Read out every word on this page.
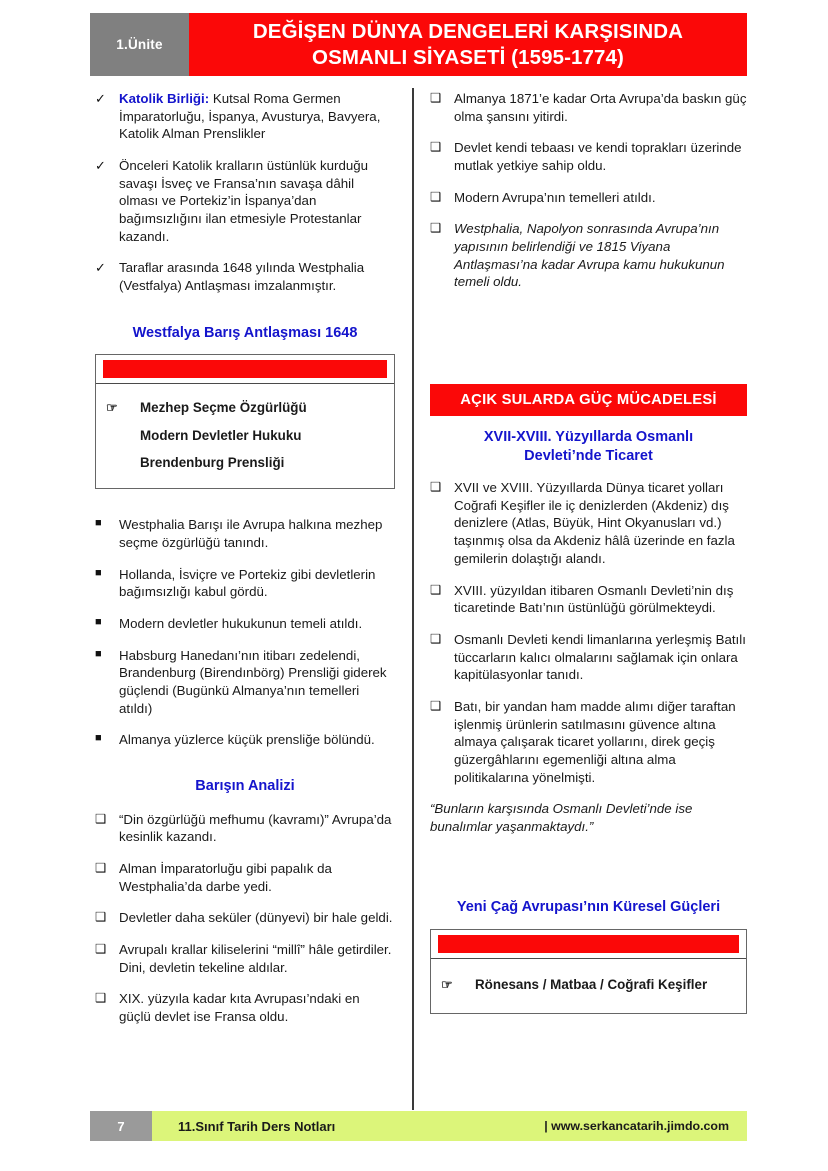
1.Ünite
DEĞİŞEN DÜNYA DENGELERİ KARŞISINDA
OSMANLI SİYASETİ (1595-1774)
✓ Katolik Birliği: Kutsal Roma Germen İmparatorluğu, İspanya, Avusturya, Bavyera, Katolik Alman Prenslikler
✓ Önceleri Katolik kralların üstünlük kurduğu savaşı İsveç ve Fransa’nın savaşa dâhil olması ve Portekiz’in İspanya’dan bağımsızlığını ilan etmesiyle Protestanlar kazandı.
✓ Taraflar arasında 1648 yılında Westphalia (Vestfalya) Antlaşması imzalanmıştır.
Westfalya Barış Antlaşması 1648
☞	Mezhep Seçme Özgürlüğü
Modern Devletler Hukuku
Brendenburg Prensliği
■	Westphalia Barışı ile Avrupa halkına mezhep seçme özgürlüğü tanındı.
■	Hollanda, İsviçre ve Portekiz gibi devletlerin bağımsızlığı kabul gördü.
■	Modern devletler hukukunun temeli atıldı.
■	Habsburg Hanedanı’nın itibarı zedelendi, Brandenburg (Birendınbörg) Prensliği giderek güçlendi (Bugünkü Almanya’nın temelleri atıldı)
■	Almanya yüzlerce küçük prensliğe bölündü.
Barışın Analizi
❑ “Din özgürlüğü mefhumu (kavramı)” Avrupa’da kesinlik kazandı.
❑ Alman İmparatorluğu gibi papalık da Westphalia’da darbe yedi.
❑ Devletler daha seküler (dünyevi) bir hale geldi.
❑ Avrupalı krallar kiliselerini “millî” hâle getirdiler. Dini, devletin tekeline aldılar.
❑ XIX. yüzyıla kadar kıta Avrupası’ndaki en güçlü devlet ise Fransa oldu.
❑ Almanya 1871’e kadar Orta Avrupa’da baskın güç olma şansını yitirdi.
❑ Devlet kendi tebaası ve kendi toprakları üzerinde mutlak yetkiye sahip oldu.
❑ Modern Avrupa’nın temelleri atıldı.
❑ Westphalia, Napolyon sonrasında Avrupa’nın yapısının belirlendiği ve 1815 Viyana Antlaşması’na kadar Avrupa kamu hukukunun temeli oldu.
AÇIK SULARDA GÜÇ MÜCADELESİ
XVII-XVIII. Yüzyıllarda Osmanlı
Devleti’nde Ticaret
❑ XVII ve XVIII. Yüzyıllarda Dünya ticaret yolları Coğrafi Keşifler ile iç denizlerden (Akdeniz) dış denizlere (Atlas, Büyük, Hint Okyanusları vd.) taşınmış olsa da Akdeniz hâlâ üzerinde en fazla gemilerin dolaştığı alandı.
❑ XVIII. yüzyıldan itibaren Osmanlı Devleti’nin dış ticaretinde Batı’nın üstünlüğü görülmekteydi.
❑ Osmanlı Devleti kendi limanlarına yerleşmiş Batılı tüccarların kalıcı olmalarını sağlamak için onlara kapitülasyonlar tanıdı.
❑ Batı, bir yandan ham madde alımı diğer taraftan işlenmiş ürünlerin satılmasını güvence altına almaya çalışarak ticaret yollarını, direk geçiş güzergâhlarını egemenliği altına alma politikalarına yönelmişti.
“Bunların karşısında Osmanlı Devleti’nde ise bunalımlar yaşanmaktaydı.”
Yeni Çağ Avrupası’nın Küresel Güçleri
☞	Rönesans / Matbaa / Coğrafi Keşifler
7	11.Sınıf Tarih Ders Notları	| www.serkancatarih.jimdo.com
